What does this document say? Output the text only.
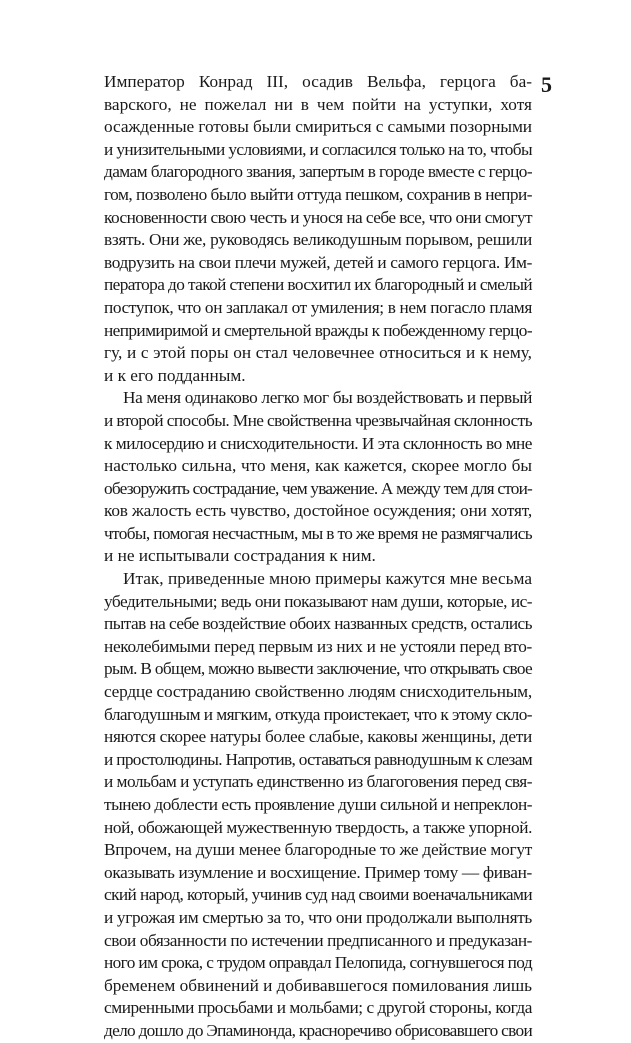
5
Император Конрад III, осадив Вельфа, герцога ба-
варского, не пожелал ни в чем пойти на уступки, хотя
осажденные готовы были смириться с самыми позорными
и унизительными условиями, и согласился только на то, чтобы
дамам благородного звания, запертым в городе вместе с герцо-
гом, позволено было выйти оттуда пешком, сохранив в непри-
косновенности свою честь и унося на себе все, что они смогут
взять. Они же, руководясь великодушным порывом, решили
водрузить на свои плечи мужей, детей и самого герцога. Им-
ператора до такой степени восхитил их благородный и смелый
поступок, что он заплакал от умиления; в нем погасло пламя
непримиримой и смертельной вражды к побежденному герцо-
гу, и с этой поры он стал человечнее относиться и к нему,
и к его подданным.
На меня одинаково легко мог бы воздействовать и первый
и второй способы. Мне свойственна чрезвычайная склонность
к милосердию и снисходительности. И эта склонность во мне
настолько сильна, что меня, как кажется, скорее могло бы
обезоружить сострадание, чем уважение. А между тем для стои-
ков жалость есть чувство, достойное осуждения; они хотят,
чтобы, помогая несчастным, мы в то же время не размягчались
и не испытывали сострадания к ним.
Итак, приведенные мною примеры кажутся мне весьма
убедительными; ведь они показывают нам души, которые, ис-
пытав на себе воздействие обоих названных средств, остались
неколебимыми перед первым из них и не устояли перед вто-
рым. В общем, можно вывести заключение, что открывать свое
сердце состраданию свойственно людям снисходительным,
благодушным и мягким, откуда проистекает, что к этому скло-
няются скорее натуры более слабые, каковы женщины, дети
и простолюдины. Напротив, оставаться равнодушным к слезам
и мольбам и уступать единственно из благоговения перед свя-
тынею доблести есть проявление души сильной и непреклон-
ной, обожающей мужественную твердость, а также упорной.
Впрочем, на души менее благородные то же действие могут
оказывать изумление и восхищение. Пример тому — фиван-
ский народ, который, учинив суд над своими военачальниками
и угрожая им смертью за то, что они продолжали выполнять
свои обязанности по истечении предписанного и предуказан-
ного им срока, с трудом оправдал Пелопида, согнувшегося под
бременем обвинений и добивавшегося помилования лишь
смиренными просьбами и мольбами; с другой стороны, когда
дело дошло до Эпаминонда, красноречиво обрисовавшего свои
